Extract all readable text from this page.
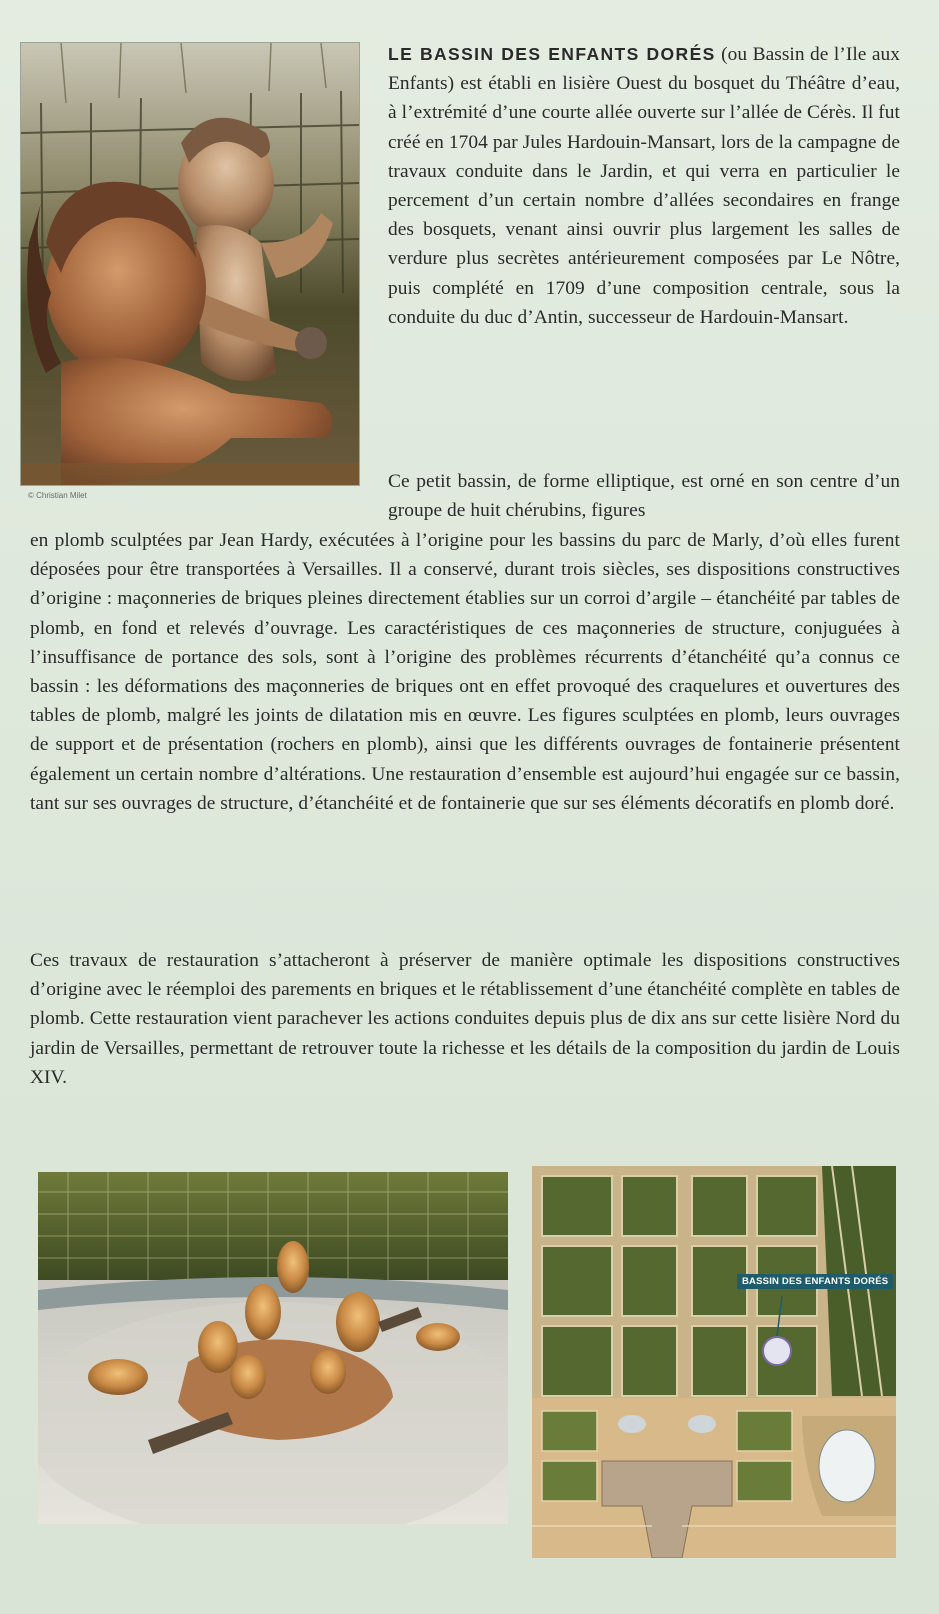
© Christian Milet
LE BASSIN DES ENFANTS DORÉS (ou Bassin de l’Ile aux Enfants) est établi en lisière Ouest du bosquet du Théâtre d’eau, à l’extrémité d’une courte allée ouverte sur l’allée de Cérès. Il fut créé en 1704 par Jules Hardouin-Mansart, lors de la campagne de travaux conduite dans le Jardin, et qui verra en particulier le percement d’un certain nombre d’allées secondaires en frange des bosquets, venant ainsi ouvrir plus largement les salles de verdure plus secrètes antérieurement composées par Le Nôtre, puis complété en 1709 d’une composition centrale, sous la conduite du duc d’Antin, successeur de Hardouin-Mansart.
Ce petit bassin, de forme elliptique, est orné en son centre d’un groupe de huit chérubins, figures
en plomb sculptées par Jean Hardy, exécutées à l’origine pour les bassins du parc de Marly, d’où elles furent déposées pour être transportées à Versailles. Il a conservé, durant trois siècles, ses dispositions constructives d’origine : maçonneries de briques pleines directement établies sur un corroi d’argile – étanchéité par tables de plomb, en fond et relevés d’ouvrage. Les caractéristiques de ces maçonneries de structure, conjuguées à l’insuffisance de portance des sols, sont à l’origine des problèmes récurrents d’étanchéité qu’a connus ce bassin : les déformations des maçonneries de briques ont en effet provoqué des craquelures et ouvertures des tables de plomb, malgré les joints de dilatation mis en œuvre. Les figures sculptées en plomb, leurs ouvrages de support et de présentation (rochers en plomb), ainsi que les différents ouvrages de fontainerie présentent également un certain nombre d’altérations. Une restauration d’ensemble est aujourd’hui engagée sur ce bassin, tant sur ses ouvrages de structure, d’étanchéité et de fontainerie que sur ses éléments décoratifs en plomb doré.
Ces travaux de restauration s’attacheront à préserver de manière optimale les dispositions constructives d’origine avec le réemploi des parements en briques et le rétablissement d’une étanchéité complète en tables de plomb. Cette restauration vient parachever les actions conduites depuis plus de dix ans sur cette lisière Nord du jardin de Versailles, permettant de retrouver toute la richesse et les détails de la composition du jardin de Louis XIV.
BASSIN DES ENFANTS DORÉS
